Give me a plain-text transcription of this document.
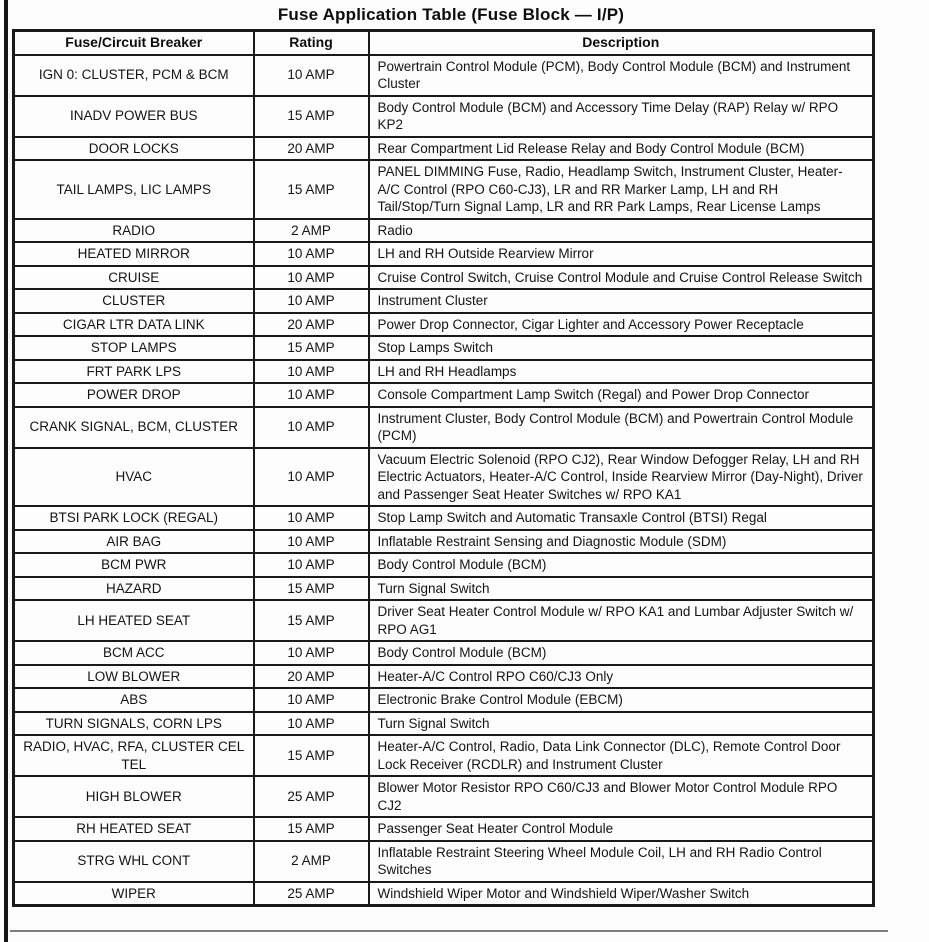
Fuse Application Table (Fuse Block — I/P)
Fuse/Circuit Breaker	Rating	Description
IGN 0: CLUSTER, PCM & BCM	10 AMP	Powertrain Control Module (PCM), Body Control Module (BCM) and Instrument Cluster
INADV POWER BUS	15 AMP	Body Control Module (BCM) and Accessory Time Delay (RAP) Relay w/ RPO KP2
DOOR LOCKS	20 AMP	Rear Compartment Lid Release Relay and Body Control Module (BCM)
TAIL LAMPS, LIC LAMPS	15 AMP	PANEL DIMMING Fuse, Radio, Headlamp Switch, Instrument Cluster, Heater-A/C Control (RPO C60-CJ3), LR and RR Marker Lamp, LH and RH Tail/Stop/Turn Signal Lamp, LR and RR Park Lamps, Rear License Lamps
RADIO	2 AMP	Radio
HEATED MIRROR	10 AMP	LH and RH Outside Rearview Mirror
CRUISE	10 AMP	Cruise Control Switch, Cruise Control Module and Cruise Control Release Switch
CLUSTER	10 AMP	Instrument Cluster
CIGAR LTR DATA LINK	20 AMP	Power Drop Connector, Cigar Lighter and Accessory Power Receptacle
STOP LAMPS	15 AMP	Stop Lamps Switch
FRT PARK LPS	10 AMP	LH and RH Headlamps
POWER DROP	10 AMP	Console Compartment Lamp Switch (Regal) and Power Drop Connector
CRANK SIGNAL, BCM, CLUSTER	10 AMP	Instrument Cluster, Body Control Module (BCM) and Powertrain Control Module (PCM)
HVAC	10 AMP	Vacuum Electric Solenoid (RPO CJ2), Rear Window Defogger Relay, LH and RH Electric Actuators, Heater-A/C Control, Inside Rearview Mirror (Day-Night), Driver and Passenger Seat Heater Switches w/ RPO KA1
BTSI PARK LOCK (REGAL)	10 AMP	Stop Lamp Switch and Automatic Transaxle Control (BTSI) Regal
AIR BAG	10 AMP	Inflatable Restraint Sensing and Diagnostic Module (SDM)
BCM PWR	10 AMP	Body Control Module (BCM)
HAZARD	15 AMP	Turn Signal Switch
LH HEATED SEAT	15 AMP	Driver Seat Heater Control Module w/ RPO KA1 and Lumbar Adjuster Switch w/ RPO AG1
BCM ACC	10 AMP	Body Control Module (BCM)
LOW BLOWER	20 AMP	Heater-A/C Control RPO C60/CJ3 Only
ABS	10 AMP	Electronic Brake Control Module (EBCM)
TURN SIGNALS, CORN LPS	10 AMP	Turn Signal Switch
RADIO, HVAC, RFA, CLUSTER CEL TEL	15 AMP	Heater-A/C Control, Radio, Data Link Connector (DLC), Remote Control Door Lock Receiver (RCDLR) and Instrument Cluster
HIGH BLOWER	25 AMP	Blower Motor Resistor RPO C60/CJ3 and Blower Motor Control Module RPO CJ2
RH HEATED SEAT	15 AMP	Passenger Seat Heater Control Module
STRG WHL CONT	2 AMP	Inflatable Restraint Steering Wheel Module Coil, LH and RH Radio Control Switches
WIPER	25 AMP	Windshield Wiper Motor and Windshield Wiper/Washer Switch
